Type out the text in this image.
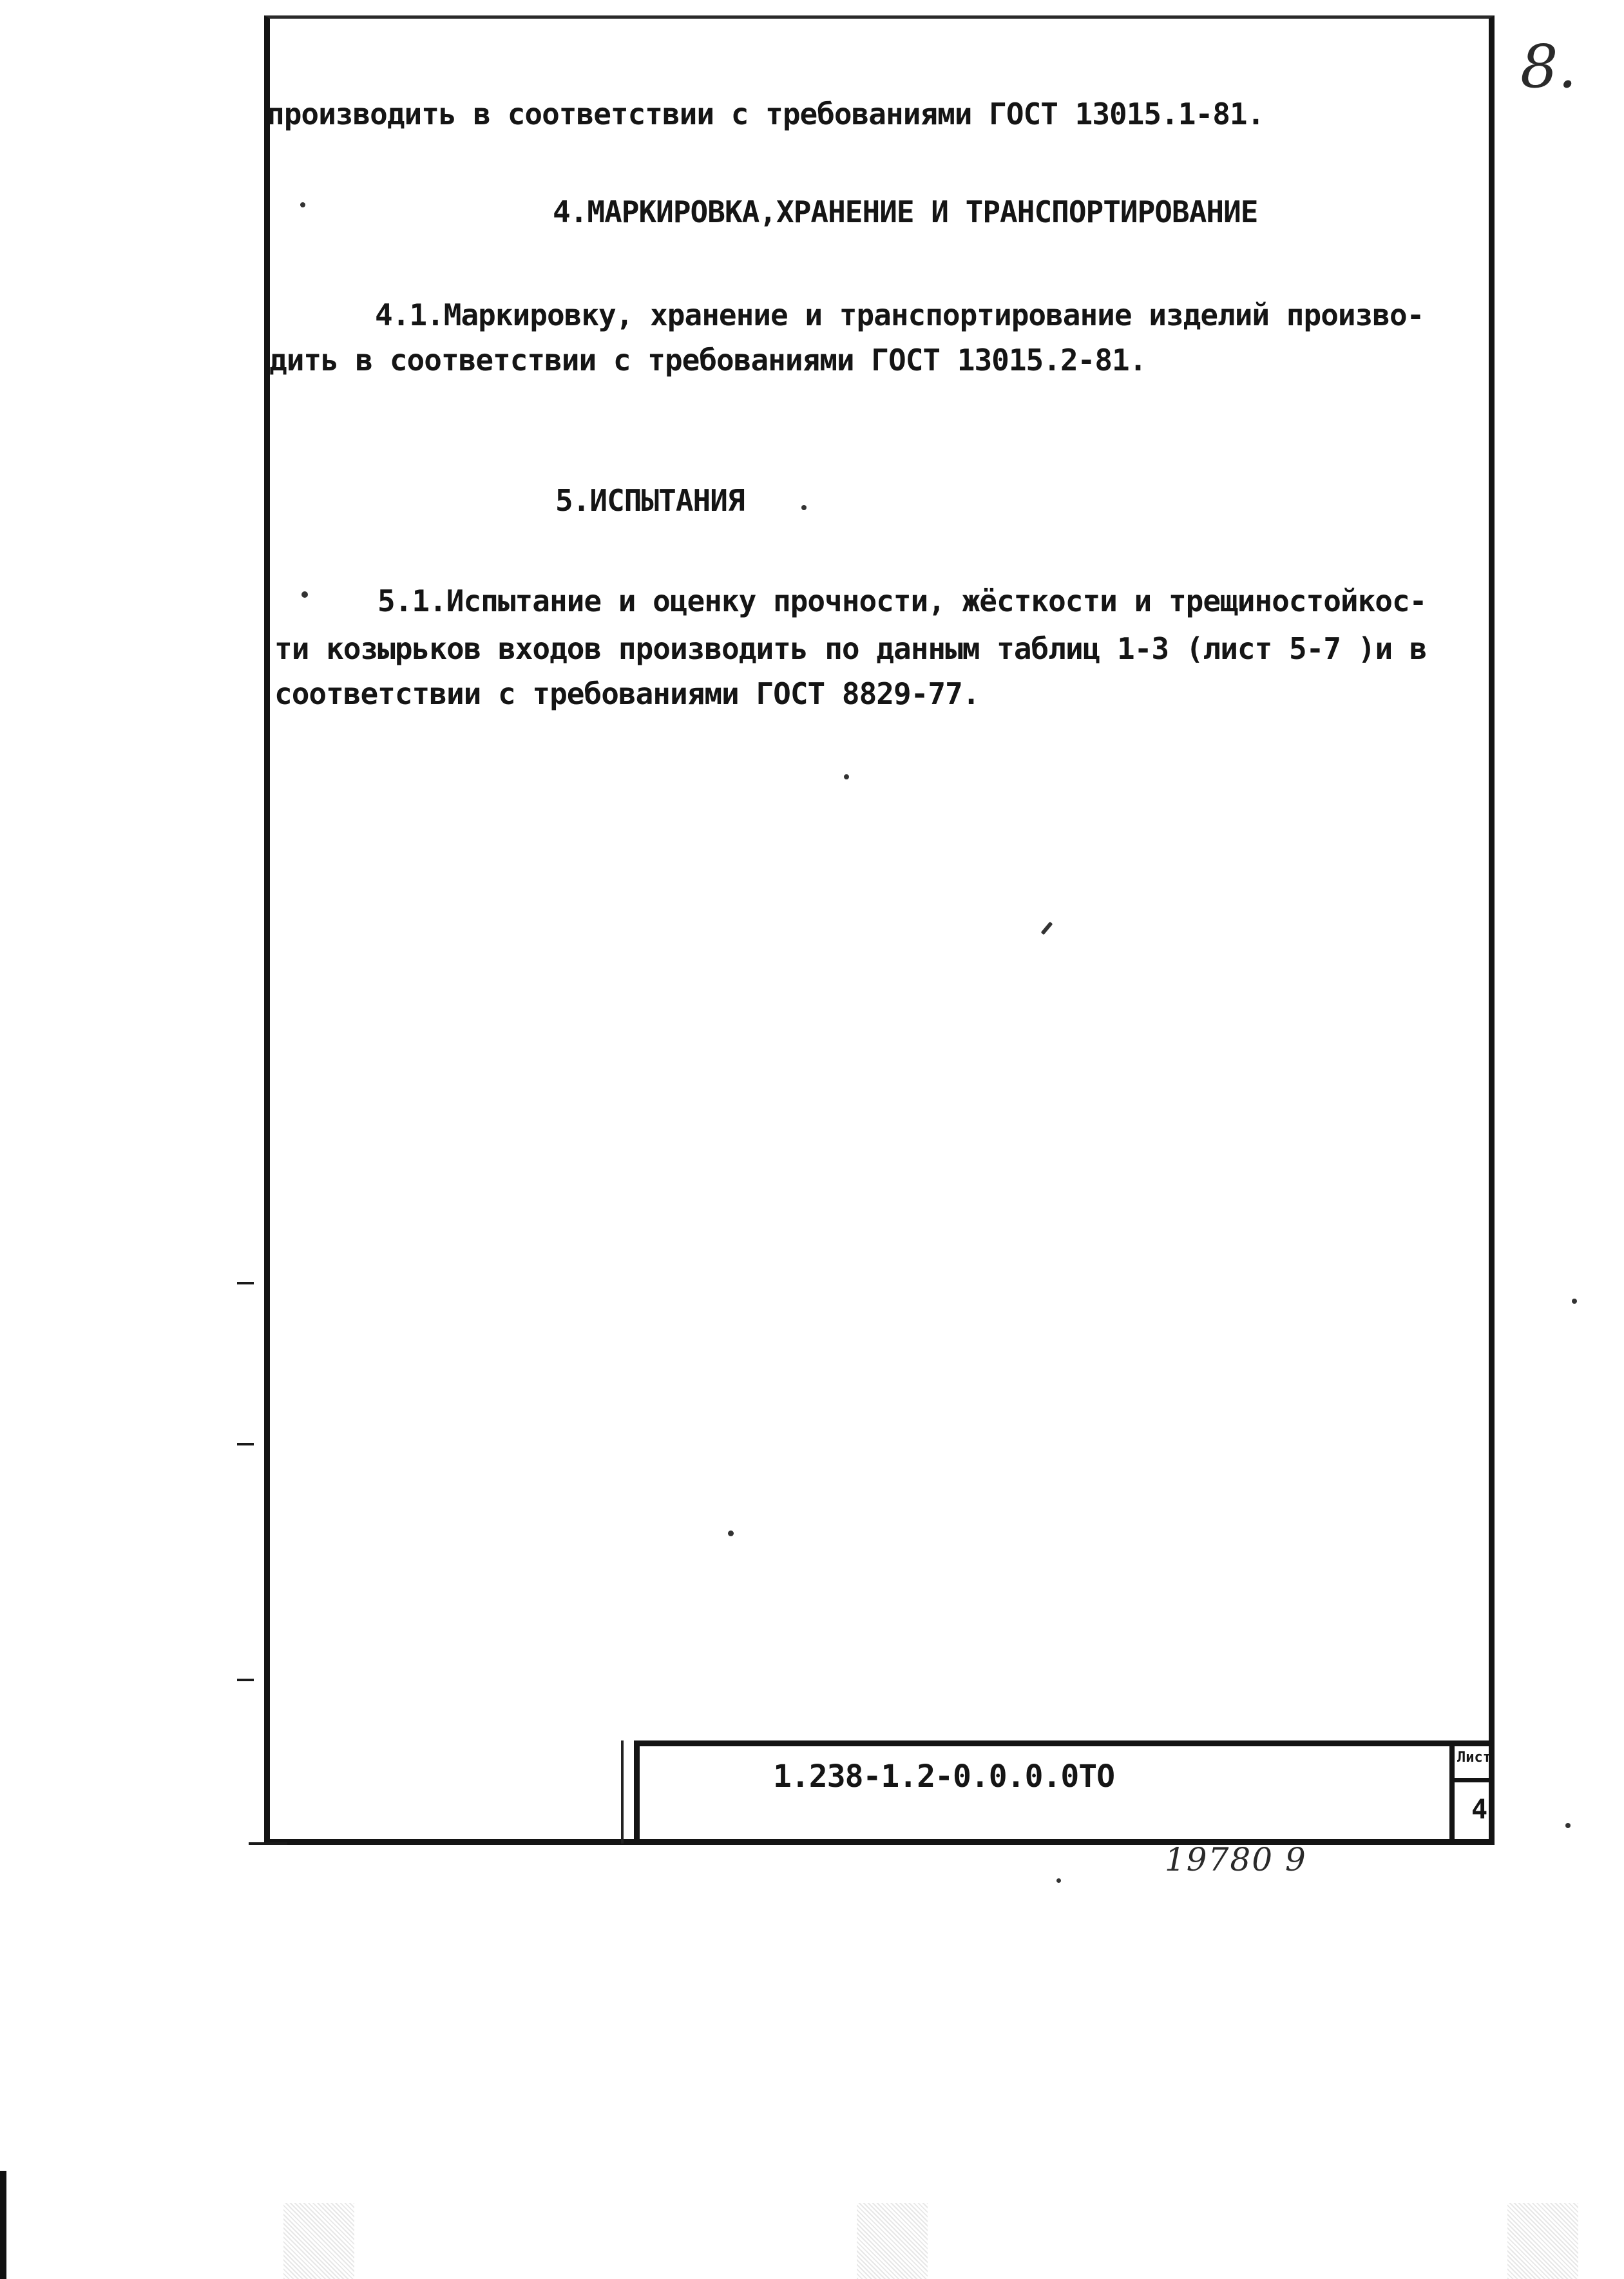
производить в соответствии с требованиями ГОСТ 13015.1-81.
4.МАРКИРОВКА,ХРАНЕНИЕ И ТРАНСПОРТИРОВАНИЕ
4.1.Маркировку, хранение и транспортирование изделий произво-
дить в соответствии с требованиями ГОСТ 13015.2-81.
5.ИСПЫТАНИЯ
5.1.Испытание и оценку прочности, жёсткости и трещиностойкос-
ти козырьков входов производить по данным таблиц 1-3 (лист 5-7 )и в
соответствии с требованиями ГОСТ 8829-77.
1.238-1.2-0.0.0.0ТО
Лист
4
8.
19780 9
